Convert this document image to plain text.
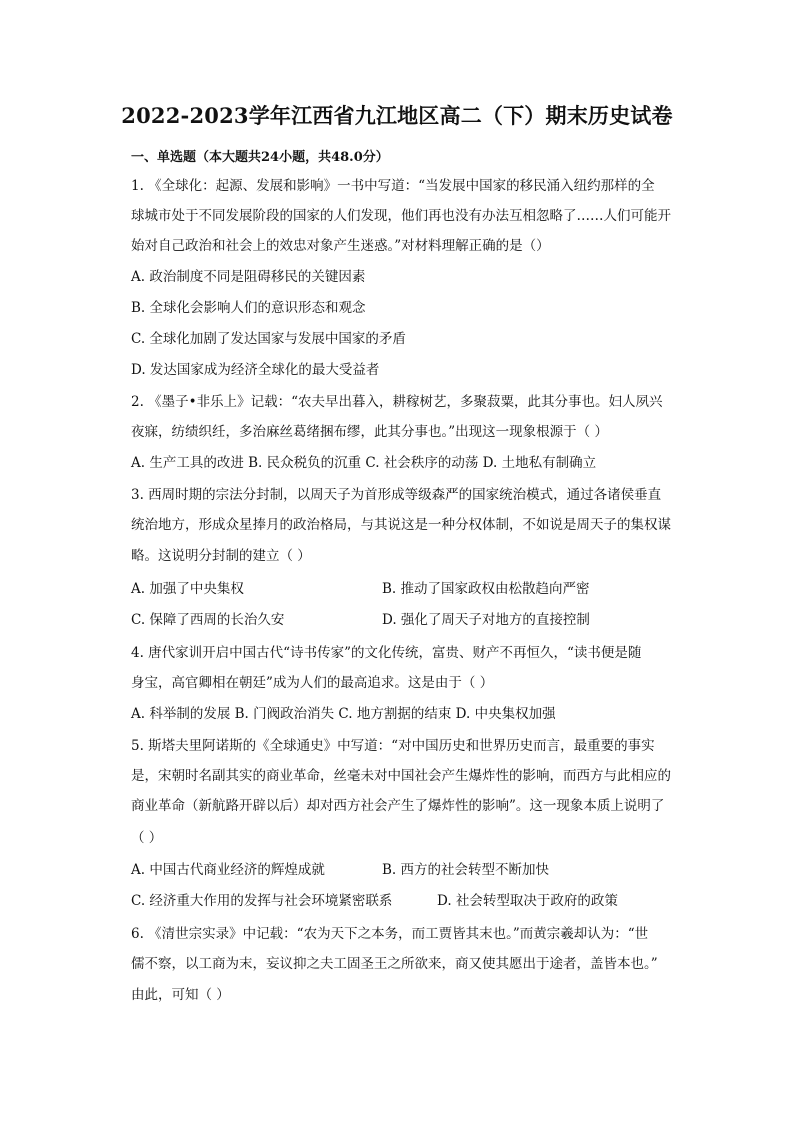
2022-2023学年江西省九江地区高二（下）期末历史试卷
一、单选题（本大题共24小题，共48.0分）
1. 《全球化：起源、发展和影响》一书中写道：“当发展中国家的移民涌入纽约那样的全
球城市处于不同发展阶段的国家的人们发现，他们再也没有办法互相忽略了……人们可能开
始对自己政治和社会上的效忠对象产生迷惑。”对材料理解正确的是（）
A. 政治制度不同是阻碍移民的关键因素
B. 全球化会影响人们的意识形态和观念
C. 全球化加剧了发达国家与发展中国家的矛盾
D. 发达国家成为经济全球化的最大受益者
2. 《墨子•非乐上》记载：“农夫早出暮入，耕稼树艺，多聚菽粟，此其分事也。妇人夙兴
夜寐，纺绩织纴，多治麻丝葛绪捆布缪，此其分事也。”出现这一现象根源于（ ）
A. 生产工具的改进 B. 民众税负的沉重 C. 社会秩序的动荡 D. 土地私有制确立
3. 西周时期的宗法分封制，以周天子为首形成等级森严的国家统治模式，通过各诸侯垂直
统治地方，形成众星捧月的政治格局，与其说这是一种分权体制，不如说是周天子的集权谋
略。这说明分封制的建立（ ）
A. 加强了中央集权	B. 推动了国家政权由松散趋向严密
C. 保障了西周的长治久安	D. 强化了周天子对地方的直接控制
4. 唐代家训开启中国古代“诗书传家”的文化传统，富贵、财产不再恒久，“读书便是随
身宝，高官卿相在朝廷”成为人们的最高追求。这是由于（ ）
A. 科举制的发展 B. 门阀政治消失 C. 地方割据的结束 D. 中央集权加强
5. 斯塔夫里阿诺斯的《全球通史》中写道：“对中国历史和世界历史而言，最重要的事实
是，宋朝时名副其实的商业革命，丝毫未对中国社会产生爆炸性的影响，而西方与此相应的
商业革命（新航路开辟以后）却对西方社会产生了爆炸性的影响”。这一现象本质上说明了
（ ）
A. 中国古代商业经济的辉煌成就	B. 西方的社会转型不断加快
C. 经济重大作用的发挥与社会环境紧密联系	D. 社会转型取决于政府的政策
6. 《清世宗实录》中记载：“农为天下之本务，而工贾皆其末也。”而黄宗羲却认为：“世
儒不察，以工商为末，妄议抑之夫工固圣王之所欲来，商又使其愿出于途者，盖皆本也。”
由此，可知（ ）
